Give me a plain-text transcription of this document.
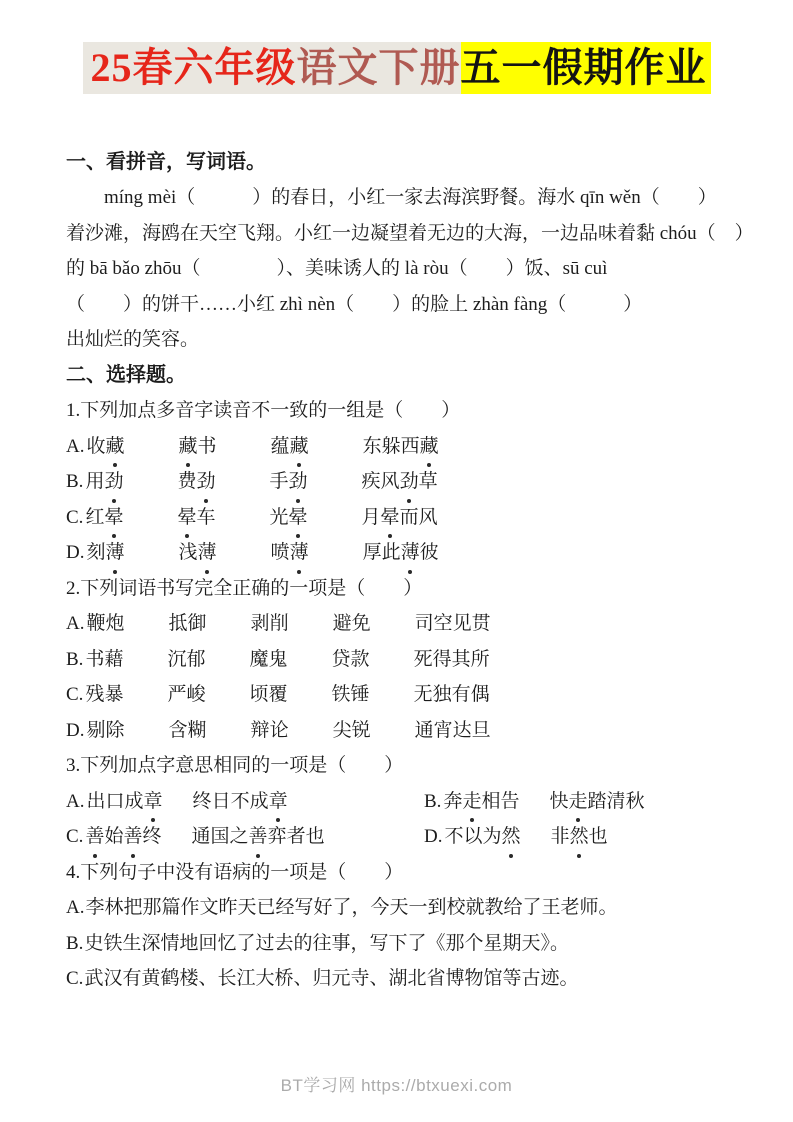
25春六年级语文下册五一假期作业
一、看拼音，写词语。
míng mèi（　　　）的春日，小红一家去海滨野餐。海水 qīn wěn（　　）
着沙滩，海鸥在天空飞翔。小红一边凝望着无边的大海，一边品味着黏 chóu（　）
的 bā bǎo zhōu（　　　　）、美味诱人的 là ròu（　　）饭、sū cuì
（　　）的饼干……小红 zhì nèn（　　）的脸上 zhàn fàng（　　　）
出灿烂的笑容。
二、选择题。
1.下列加点多音字读音不一致的一组是（　　）
A. 收藏	藏书	蕴藏	东躲西藏
B. 用劲	费劲	手劲	疾风劲草
C. 红晕	晕车	光晕	月晕而风
D. 刻薄	浅薄	喷薄	厚此薄彼
2.下列词语书写完全正确的一项是（　　）
A. 鞭炮 抵御 剥削 避免 司空见贯
B. 书藉 沉郁 魔鬼 贷款 死得其所
C. 残暴 严峻 顷覆 铁锤 无独有偶
D. 剔除 含糊 辩论 尖锐 通宵达旦
3.下列加点字意思相同的一项是（　　）
A. 出口成章 终日不成章	B. 奔走相告 快走踏清秋
C. 善始善终 通国之善弈者也	D. 不以为然 非然也
4.下列句子中没有语病的一项是（　　）
A.李林把那篇作文昨天已经写好了，今天一到校就教给了王老师。
B.史铁生深情地回忆了过去的往事，写下了《那个星期天》。
C.武汉有黄鹤楼、长江大桥、归元寺、湖北省博物馆等古迹。
BT学习网 https://btxuexi.com
